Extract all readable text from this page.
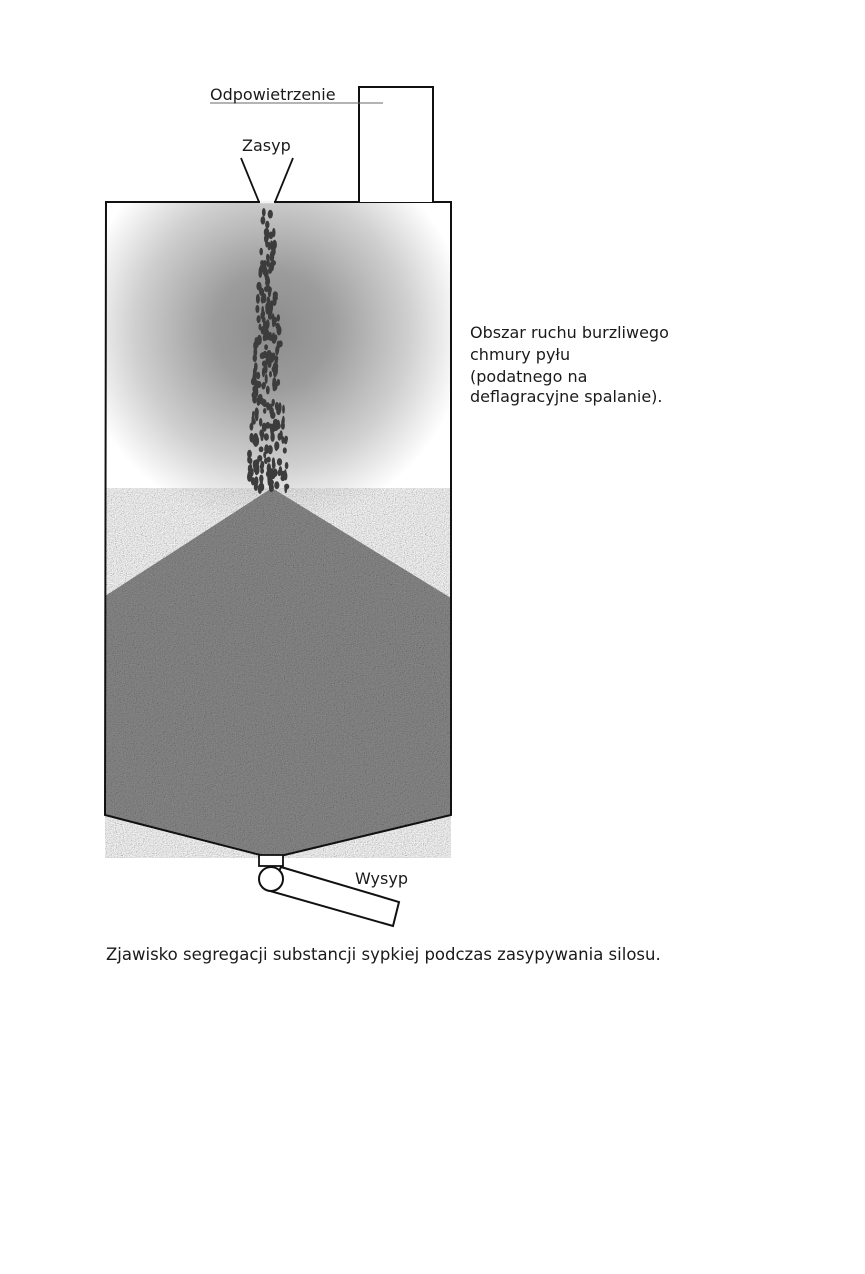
Odpowietrzenie
Zasyp
Wysyp
Obszar ruchu burzliwego chmury pyłu (podatnego na deflagracyjne spalanie).
Zjawisko segregacji substancji sypkiej podczas zasypywania silosu.
